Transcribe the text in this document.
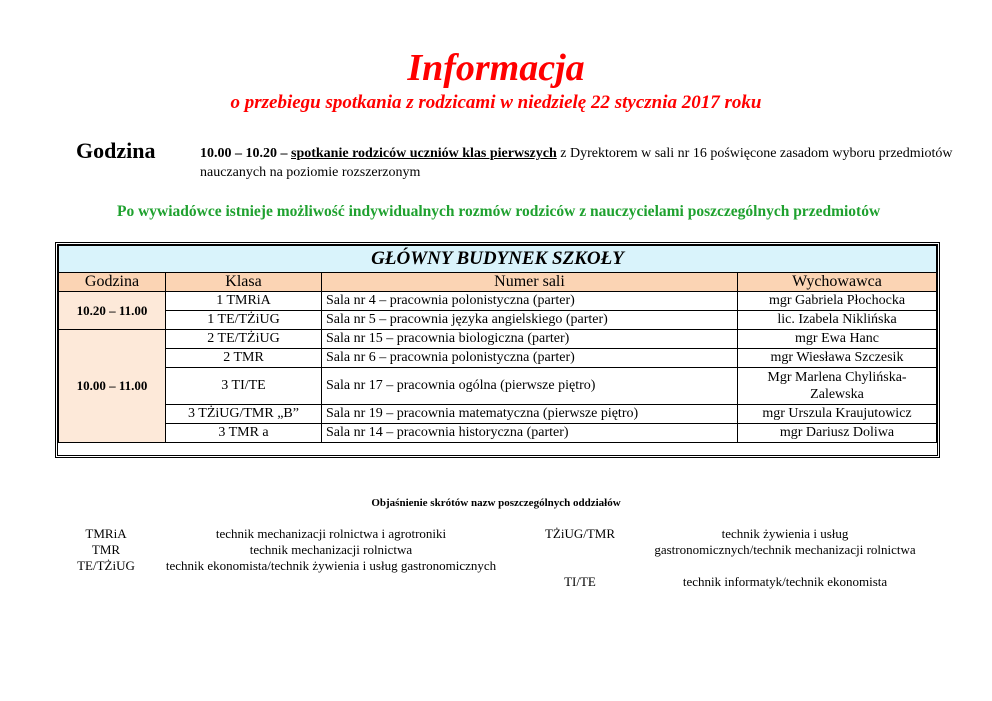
Informacja
o przebiegu spotkania z rodzicami w niedzielę 22 stycznia 2017 roku
Godzina	10.00 – 10.20 – spotkanie rodziców uczniów klas pierwszych z Dyrektorem w sali nr 16 poświęcone zasadom wyboru przedmiotów nauczanych na poziomie rozszerzonym
Po wywiadówce istnieje możliwość indywidualnych rozmów rodziców z nauczycielami poszczególnych przedmiotów
GŁÓWNY BUDYNEK SZKOŁY			
Godzina	Klasa	Numer sali	Wychowawca
10.20 – 11.00	1 TMRiA	Sala nr 4 – pracownia polonistyczna (parter)	mgr Gabriela Płochocka
	1 TE/TŻiUG	Sala nr 5 – pracownia języka angielskiego (parter)	lic. Izabela Niklińska
10.00 – 11.00	2 TE/TŻiUG	Sala nr 15 – pracownia biologiczna (parter)	mgr Ewa Hanc
	2 TMR	Sala nr 6 – pracownia polonistyczna (parter)	mgr Wiesława Szczesik
	3 TI/TE	Sala nr 17 – pracownia ogólna (pierwsze piętro)	Mgr Marlena Chylińska-Zalewska
	3 TŻiUG/TMR „B”	Sala nr 19 – pracownia matematyczna (pierwsze piętro)	mgr Urszula Kraujutowicz
	3 TMR a	Sala nr 14 – pracownia historyczna (parter)	mgr Dariusz Doliwa
Objaśnienie skrótów nazw poszczególnych oddziałów
TMRiA	technik mechanizacji rolnictwa i agrotroniki
TMR	technik mechanizacji rolnictwa
TE/TŻiUG	technik ekonomista/technik żywienia i usług gastronomicznych
TŻiUG/TMR	technik żywienia i usług
gastronomicznych/technik mechanizacji rolnictwa
TI/TE	technik informatyk/technik ekonomista
